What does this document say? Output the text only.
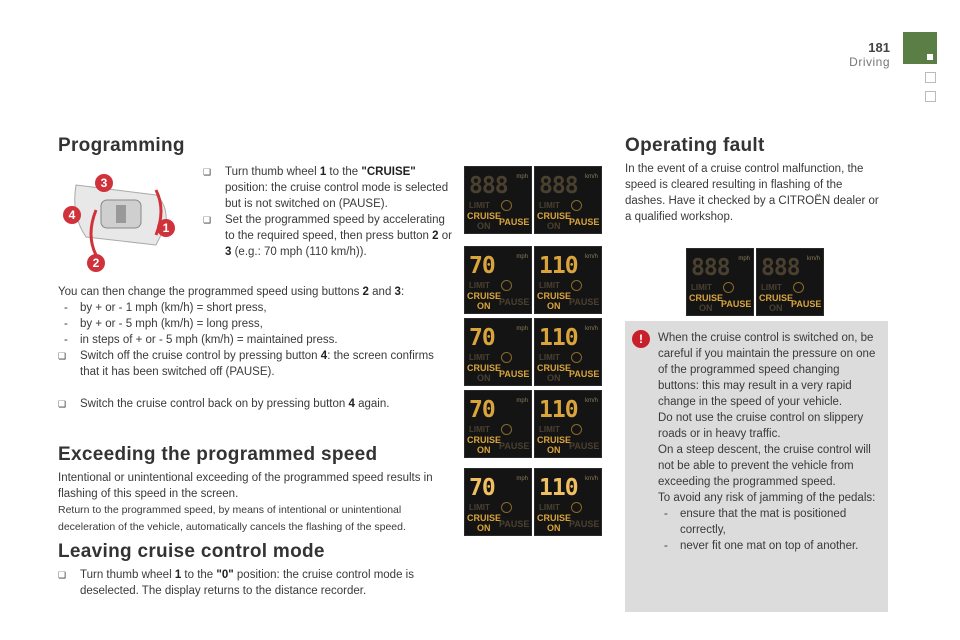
181
Driving
Programming
3
4
1
2
❏ Turn thumb wheel 1 to the "CRUISE" position: the cruise control mode is selected but is not switched on (PAUSE).
❏ Set the programmed speed by accelerating to the required speed, then press button 2 or 3 (e.g.: 70 mph (110 km/h)).
You can then change the programmed speed using buttons 2 and 3:
- by + or - 1 mph (km/h) = short press,
- by + or - 5 mph (km/h) = long press,
- in steps of + or - 5 mph (km/h) = maintained press.
❏ Switch off the cruise control by pressing button 4: the screen confirms that it has been switched off (PAUSE).
❏ Switch the cruise control back on by pressing button 4 again.
Exceeding the programmed speed
Intentional or unintentional exceeding of the programmed speed results in flashing of this speed in the screen.
Return to the programmed speed, by means of intentional or unintentional deceleration of the vehicle, automatically cancels the flashing of the speed.
Leaving cruise control mode
❏ Turn thumb wheel 1 to the "0" position: the cruise control mode is deselected. The display returns to the distance recorder.
888 mph
LIMIT
CRUISE
ON PAUSE
888 km/h
LIMIT
CRUISE
ON PAUSE
70	mph
LIMIT
CRUISE
ON PAUSE
110 km/h
LIMIT
CRUISE
ON PAUSE
70	mph
LIMIT
CRUISE
ON PAUSE
110 km/h
LIMIT
CRUISE
ON PAUSE
70	mph
LIMIT
CRUISE
ON PAUSE
110 km/h
LIMIT
CRUISE
ON PAUSE
70	mph
LIMIT
CRUISE
ON PAUSE
110 km/h
LIMIT
CRUISE
ON PAUSE
888 mph
LIMIT
CRUISE
ON PAUSE
888 km/h
LIMIT
CRUISE
ON PAUSE
Operating fault
In the event of a cruise control malfunction, the speed is cleared resulting in flashing of the dashes. Have it checked by a CITROËN dealer or a qualified workshop.
!	When the cruise control is switched on, be careful if you maintain the pressure on one of the programmed speed changing buttons: this may result in a very rapid change in the speed of your vehicle.
Do not use the cruise control on slippery roads or in heavy traffic.
On a steep descent, the cruise control will not be able to prevent the vehicle from exceeding the programmed speed.
To avoid any risk of jamming of the pedals:
- ensure that the mat is positioned correctly,
- never fit one mat on top of another.
